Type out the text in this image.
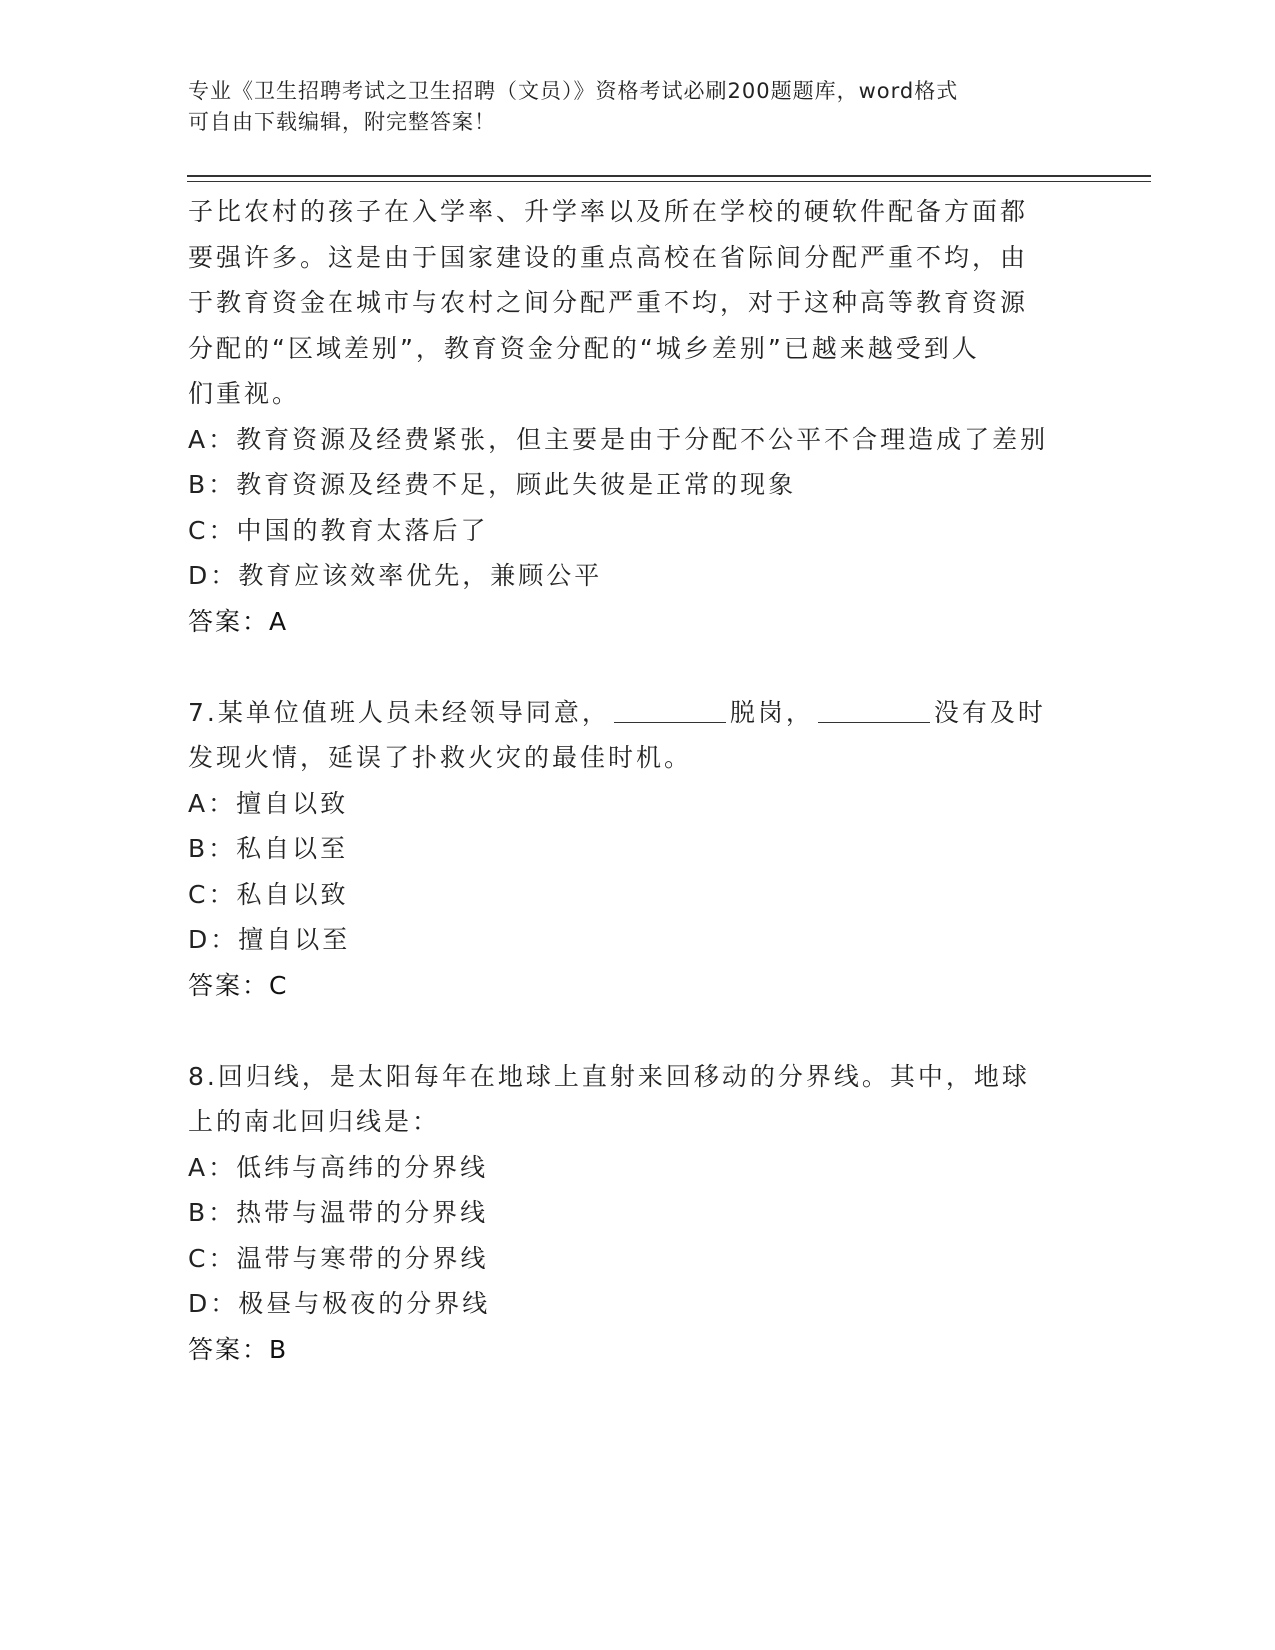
专业《卫生招聘考试之卫生招聘（文员）》资格考试必刷200题题库，word格式

可自由下载编辑，附完整答案！

子比农村的孩子在入学率、升学率以及所在学校的硬软件配备方面都
要强许多。这是由于国家建设的重点高校在省际间分配严重不均，由
于教育资金在城市与农村之间分配严重不均，对于这种高等教育资源
分配的“区域差别”，教育资金分配的“城乡差别”已越来越受到人
们重视。
A：教育资源及经费紧张，但主要是由于分配不公平不合理造成了差别
B：教育资源及经费不足，顾此失彼是正常的现象
C：中国的教育太落后了
D：教育应该效率优先，兼顾公平
答案：A
7.某单位值班人员未经领导同意，	脱岗，	没有及时
发现火情，延误了扑救火灾的最佳时机。
A：擅自以致
B：私自以至
C：私自以致
D：擅自以至
答案：C
8.回归线，是太阳每年在地球上直射来回移动的分界线。其中，地球
上的南北回归线是：
A：低纬与高纬的分界线
B：热带与温带的分界线
C：温带与寒带的分界线
D：极昼与极夜的分界线
答案：B
